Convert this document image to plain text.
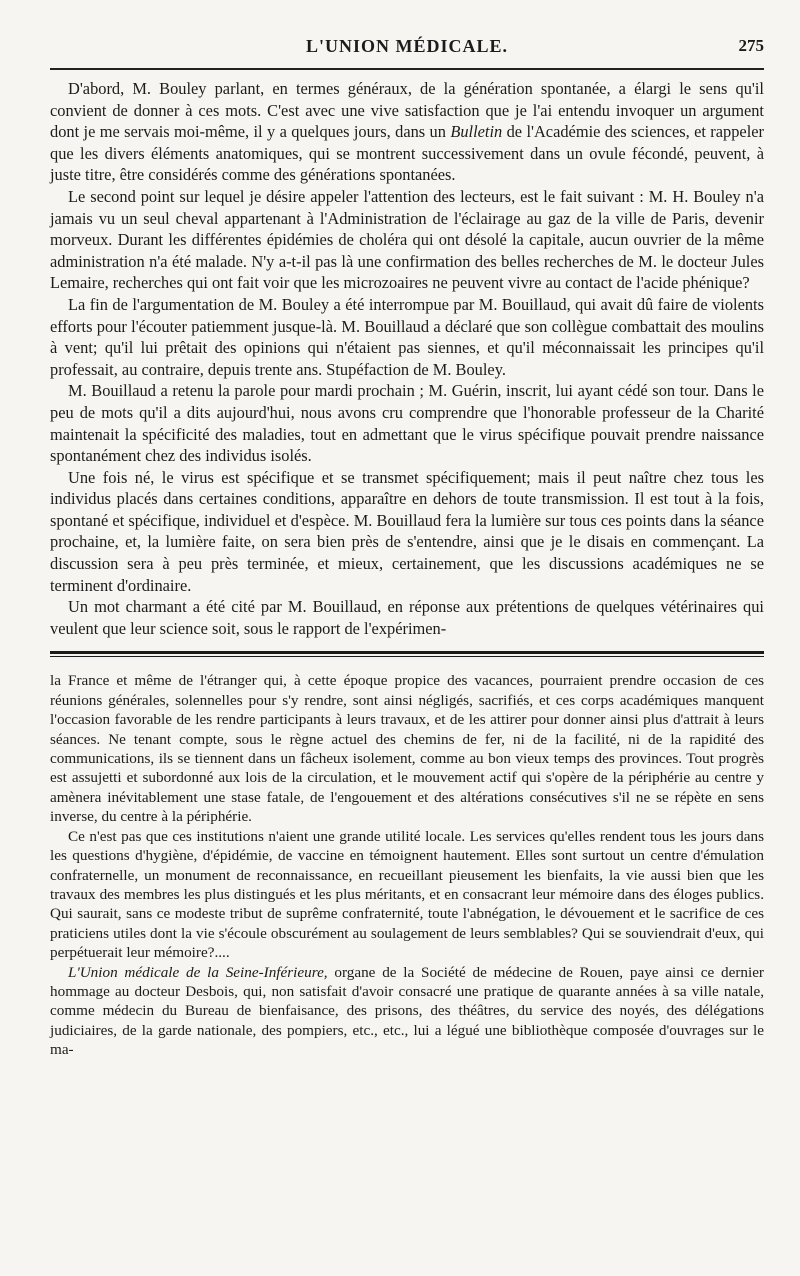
L'UNION MÉDICALE.	275

D'abord, M. Bouley parlant, en termes généraux, de la génération spontanée, a élargi le sens qu'il convient de donner à ces mots. C'est avec une vive satisfaction que je l'ai entendu invoquer un argument dont je me servais moi-même, il y a quelques jours, dans un Bulletin de l'Académie des sciences, et rappeler que les divers éléments anatomiques, qui se montrent successivement dans un ovule fécondé, peuvent, à juste titre, être considérés comme des générations spontanées.

Le second point sur lequel je désire appeler l'attention des lecteurs, est le fait suivant : M. H. Bouley n'a jamais vu un seul cheval appartenant à l'Administration de l'éclairage au gaz de la ville de Paris, devenir morveux. Durant les différentes épidémies de choléra qui ont désolé la capitale, aucun ouvrier de la même administration n'a été malade. N'y a-t-il pas là une confirmation des belles recherches de M. le docteur Jules Lemaire, recherches qui ont fait voir que les microzoaires ne peuvent vivre au contact de l'acide phénique?

La fin de l'argumentation de M. Bouley a été interrompue par M. Bouillaud, qui avait dû faire de violents efforts pour l'écouter patiemment jusque-là. M. Bouillaud a déclaré que son collègue combattait des moulins à vent; qu'il lui prêtait des opinions qui n'étaient pas siennes, et qu'il méconnaissait les principes qu'il professait, au contraire, depuis trente ans. Stupéfaction de M. Bouley.

M. Bouillaud a retenu la parole pour mardi prochain ; M. Guérin, inscrit, lui ayant cédé son tour. Dans le peu de mots qu'il a dits aujourd'hui, nous avons cru comprendre que l'honorable professeur de la Charité maintenait la spécificité des maladies, tout en admettant que le virus spécifique pouvait prendre naissance spontanément chez des individus isolés.

Une fois né, le virus est spécifique et se transmet spécifiquement; mais il peut naître chez tous les individus placés dans certaines conditions, apparaître en dehors de toute transmission. Il est tout à la fois, spontané et spécifique, individuel et d'espèce. M. Bouillaud fera la lumière sur tous ces points dans la séance prochaine, et, la lumière faite, on sera bien près de s'entendre, ainsi que je le disais en commençant. La discussion sera à peu près terminée, et mieux, certainement, que les discussions académiques ne se terminent d'ordinaire.

Un mot charmant a été cité par M. Bouillaud, en réponse aux prétentions de quelques vétérinaires qui veulent que leur science soit, sous le rapport de l'expérimen-

la France et même de l'étranger qui, à cette époque propice des vacances, pourraient prendre occasion de ces réunions générales, solennelles pour s'y rendre, sont ainsi négligés, sacrifiés, et ces corps académiques manquent l'occasion favorable de les rendre participants à leurs travaux, et de les attirer pour donner ainsi plus d'attrait à leurs séances. Ne tenant compte, sous le règne actuel des chemins de fer, ni de la facilité, ni de la rapidité des communications, ils se tiennent dans un fâcheux isolement, comme au bon vieux temps des provinces. Tout progrès est assujetti et subordonné aux lois de la circulation, et le mouvement actif qui s'opère de la périphérie au centre y amènera inévitablement une stase fatale, de l'engouement et des altérations consécutives s'il ne se répète en sens inverse, du centre à la périphérie.

Ce n'est pas que ces institutions n'aient une grande utilité locale. Les services qu'elles rendent tous les jours dans les questions d'hygiène, d'épidémie, de vaccine en témoignent hautement. Elles sont surtout un centre d'émulation confraternelle, un monument de reconnaissance, en recueillant pieusement les bienfaits, la vie aussi bien que les travaux des membres les plus distingués et les plus méritants, et en consacrant leur mémoire dans des éloges publics. Qui saurait, sans ce modeste tribut de suprême confraternité, toute l'abnégation, le dévouement et le sacrifice de ces praticiens utiles dont la vie s'écoule obscurément au soulagement de leurs semblables? Qui se souviendrait d'eux, qui perpétuerait leur mémoire?....

L'Union médicale de la Seine-Inférieure, organe de la Société de médecine de Rouen, paye ainsi ce dernier hommage au docteur Desbois, qui, non satisfait d'avoir consacré une pratique de quarante années à sa ville natale, comme médecin du Bureau de bienfaisance, des prisons, des théâtres, du service des noyés, des délégations judiciaires, de la garde nationale, des pompiers, etc., etc., lui a légué une bibliothèque composée d'ouvrages sur le ma-
